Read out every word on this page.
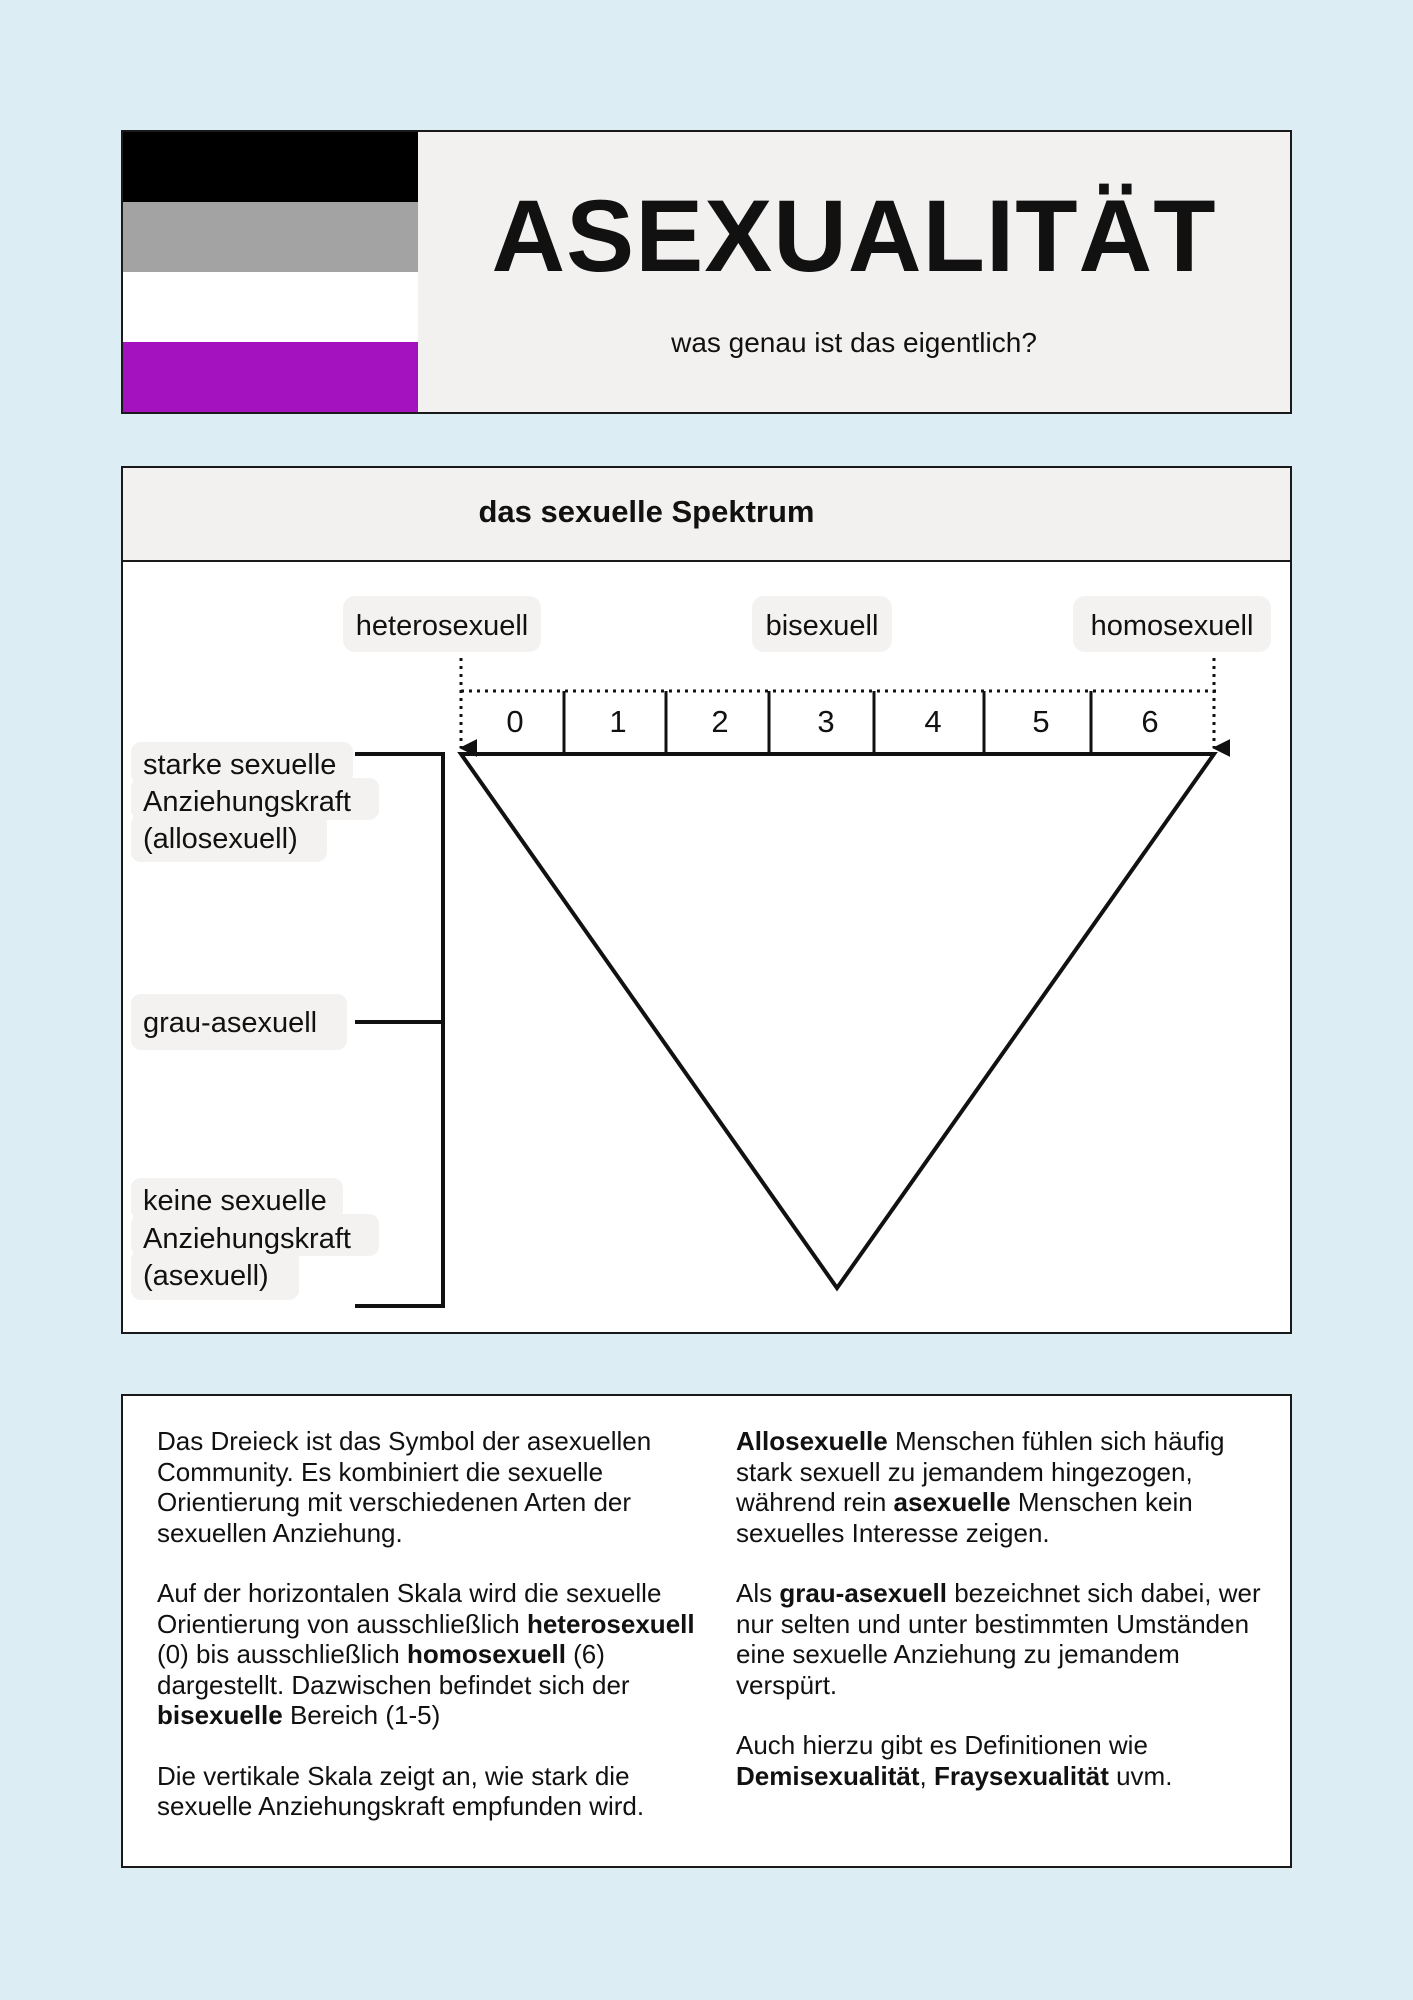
ASEXUALITÄT

was genau ist das eigentlich?

das sexuelle Spektrum
heterosexuell	bisexuell	homosexuell
0	1	2	3	4	5	6
starke sexuelle
Anziehungskraft
(allosexuell)
grau-asexuell
keine sexuelle
Anziehungskraft
(asexuell)

Das Dreieck ist das Symbol der asexuellen Community. Es kombiniert die sexuelle Orientierung mit verschiedenen Arten der sexuellen Anziehung.

Auf der horizontalen Skala wird die sexuelle Orientierung von ausschließlich heterosexuell (0) bis ausschließlich homosexuell (6) dargestellt. Dazwischen befindet sich der bisexuelle Bereich (1-5)

Die vertikale Skala zeigt an, wie stark die sexuelle Anziehungskraft empfunden wird.

Allosexuelle Menschen fühlen sich häufig stark sexuell zu jemandem hingezogen, während rein asexuelle Menschen kein sexuelles Interesse zeigen.

Als grau-asexuell bezeichnet sich dabei, wer nur selten und unter bestimmten Umständen eine sexuelle Anziehung zu jemandem verspürt.

Auch hierzu gibt es Definitionen wie Demisexualität, Fraysexualität uvm.
